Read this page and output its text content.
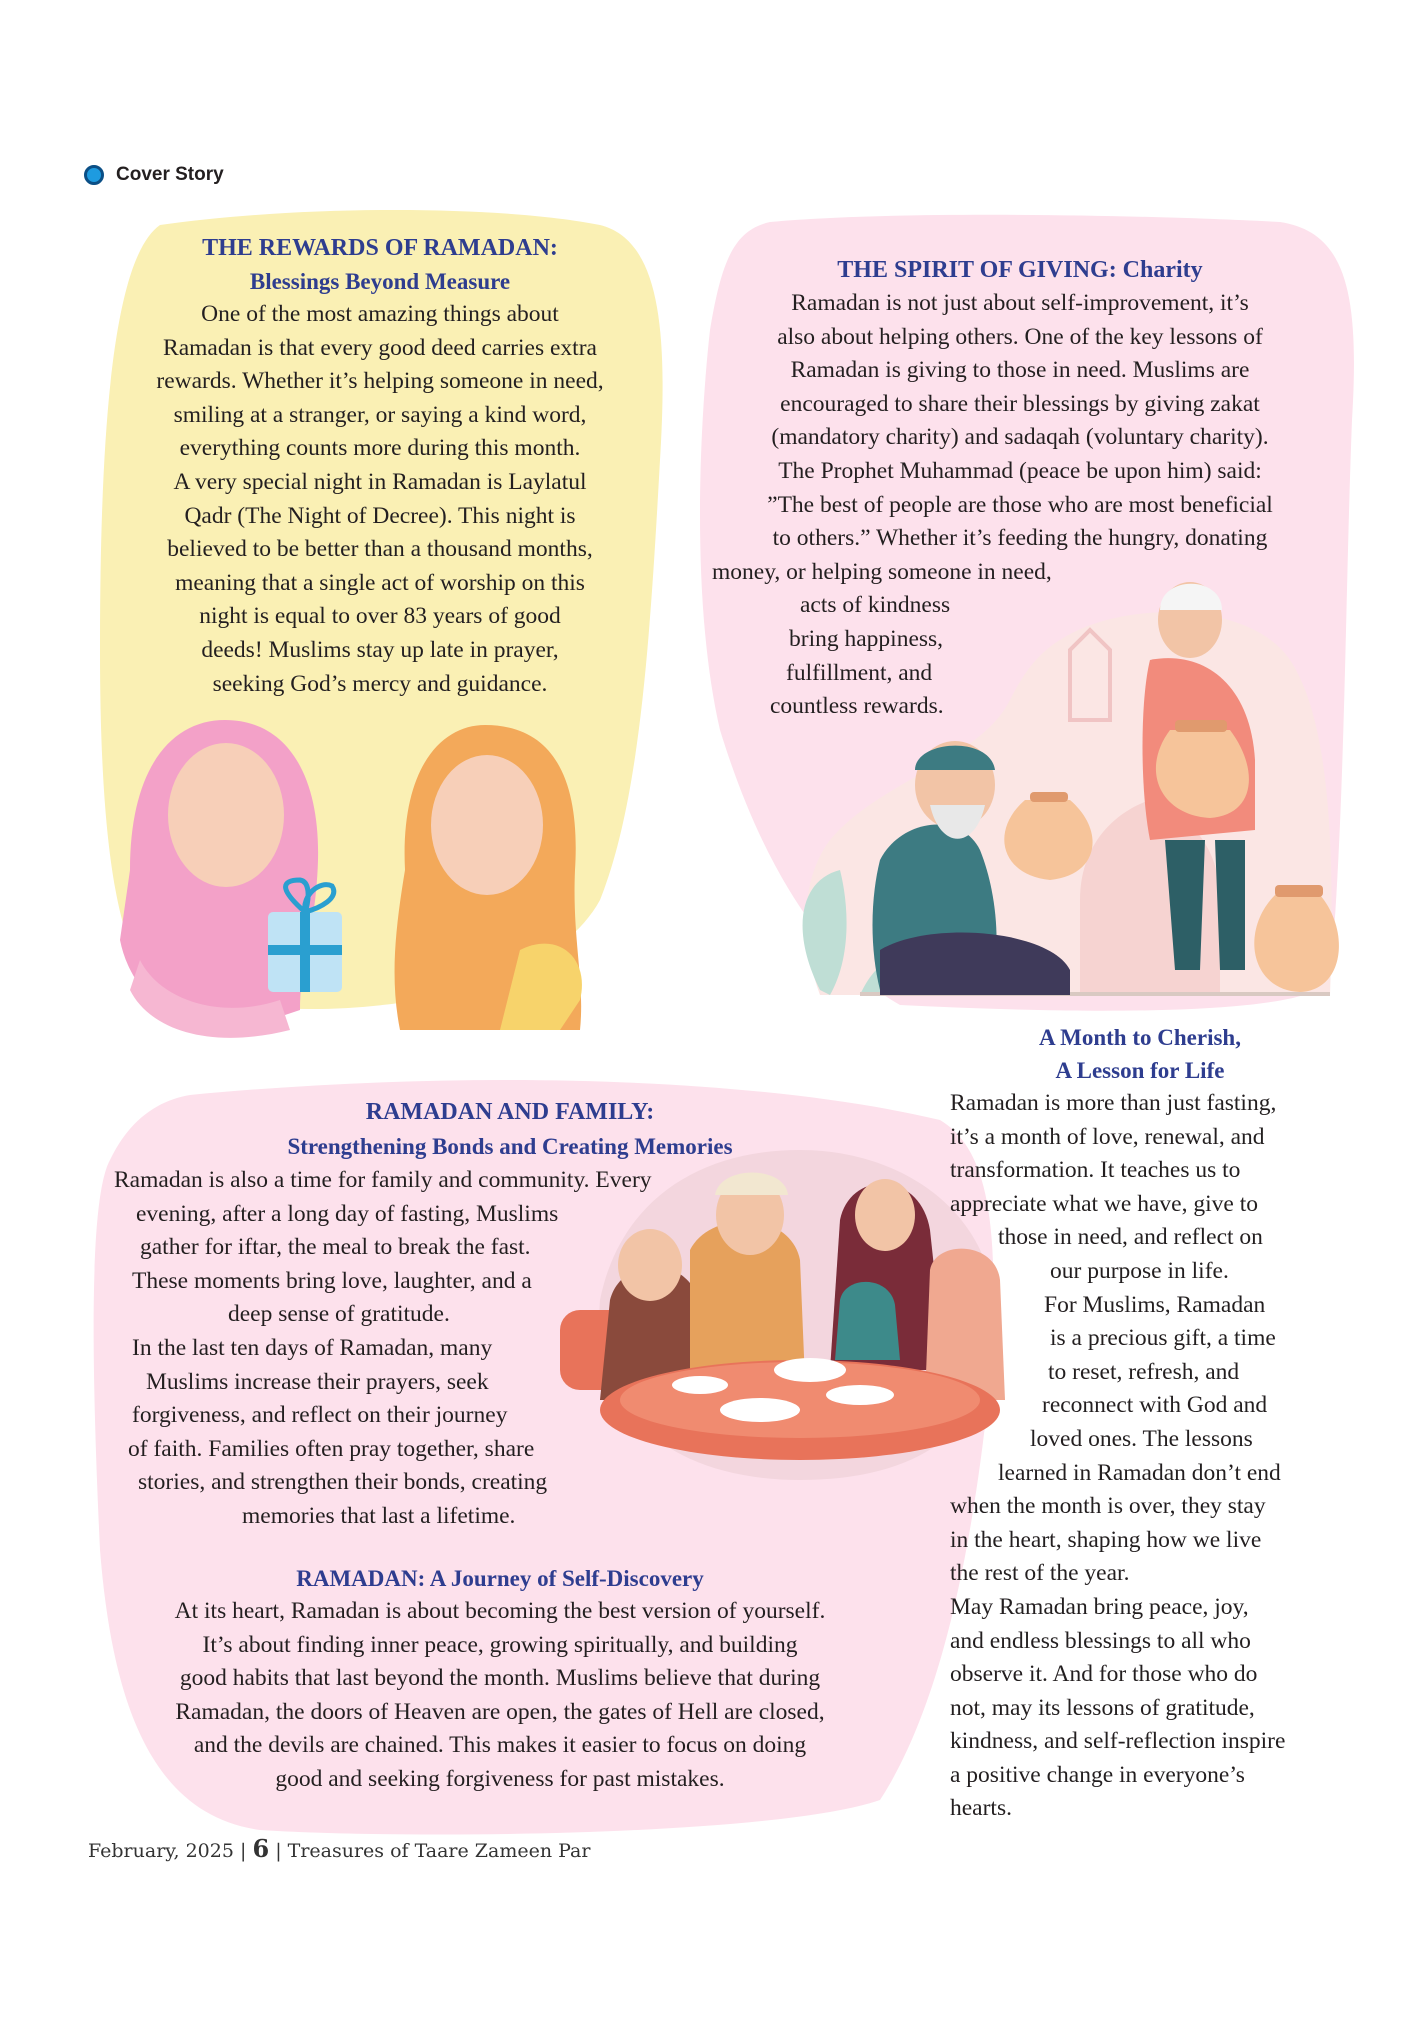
Cover Story
THE REWARDS OF RAMADAN:
Blessings Beyond Measure
One of the most amazing things about
Ramadan is that every good deed carries extra
rewards. Whether it’s helping someone in need,
smiling at a stranger, or saying a kind word,
everything counts more during this month.
A very special night in Ramadan is Laylatul
Qadr (The Night of Decree). This night is
believed to be better than a thousand months,
meaning that a single act of worship on this
night is equal to over 83 years of good
deeds! Muslims stay up late in prayer,
seeking God’s mercy and guidance.
THE SPIRIT OF GIVING: Charity
Ramadan is not just about self-improvement, it’s
also about helping others. One of the key lessons of
Ramadan is giving to those in need. Muslims are
encouraged to share their blessings by giving zakat
(mandatory charity) and sadaqah (voluntary charity).
The Prophet Muhammad (peace be upon him) said:
”The best of people are those who are most beneficial
to others.” Whether it’s feeding the hungry, donating
money, or helping someone in need,
acts of kindness
bring happiness,
fulfillment, and
countless rewards.
A Month to Cherish,
A Lesson for Life
Ramadan is more than just fasting,
it’s a month of love, renewal, and
transformation. It teaches us to
appreciate what we have, give to
those in need, and reflect on
our purpose in life.
For Muslims, Ramadan
is a precious gift, a time
to reset, refresh, and
reconnect with God and
loved ones. The lessons
learned in Ramadan don’t end
when the month is over, they stay
in the heart, shaping how we live
the rest of the year.
May Ramadan bring peace, joy,
and endless blessings to all who
observe it. And for those who do
not, may its lessons of gratitude,
kindness, and self-reflection inspire
a positive change in everyone’s
hearts.
RAMADAN AND FAMILY:
Strengthening Bonds and Creating Memories
Ramadan is also a time for family and community. Every
evening, after a long day of fasting, Muslims
gather for iftar, the meal to break the fast.
These moments bring love, laughter, and a
deep sense of gratitude.
In the last ten days of Ramadan, many
Muslims increase their prayers, seek
forgiveness, and reflect on their journey
of faith. Families often pray together, share
stories, and strengthen their bonds, creating
memories that last a lifetime.
RAMADAN: A Journey of Self-Discovery
At its heart, Ramadan is about becoming the best version of yourself.
It’s about finding inner peace, growing spiritually, and building
good habits that last beyond the month. Muslims believe that during
Ramadan, the doors of Heaven are open, the gates of Hell are closed,
and the devils are chained. This makes it easier to focus on doing
good and seeking forgiveness for past mistakes.
February, 2025 | 6 | Treasures of Taare Zameen Par
